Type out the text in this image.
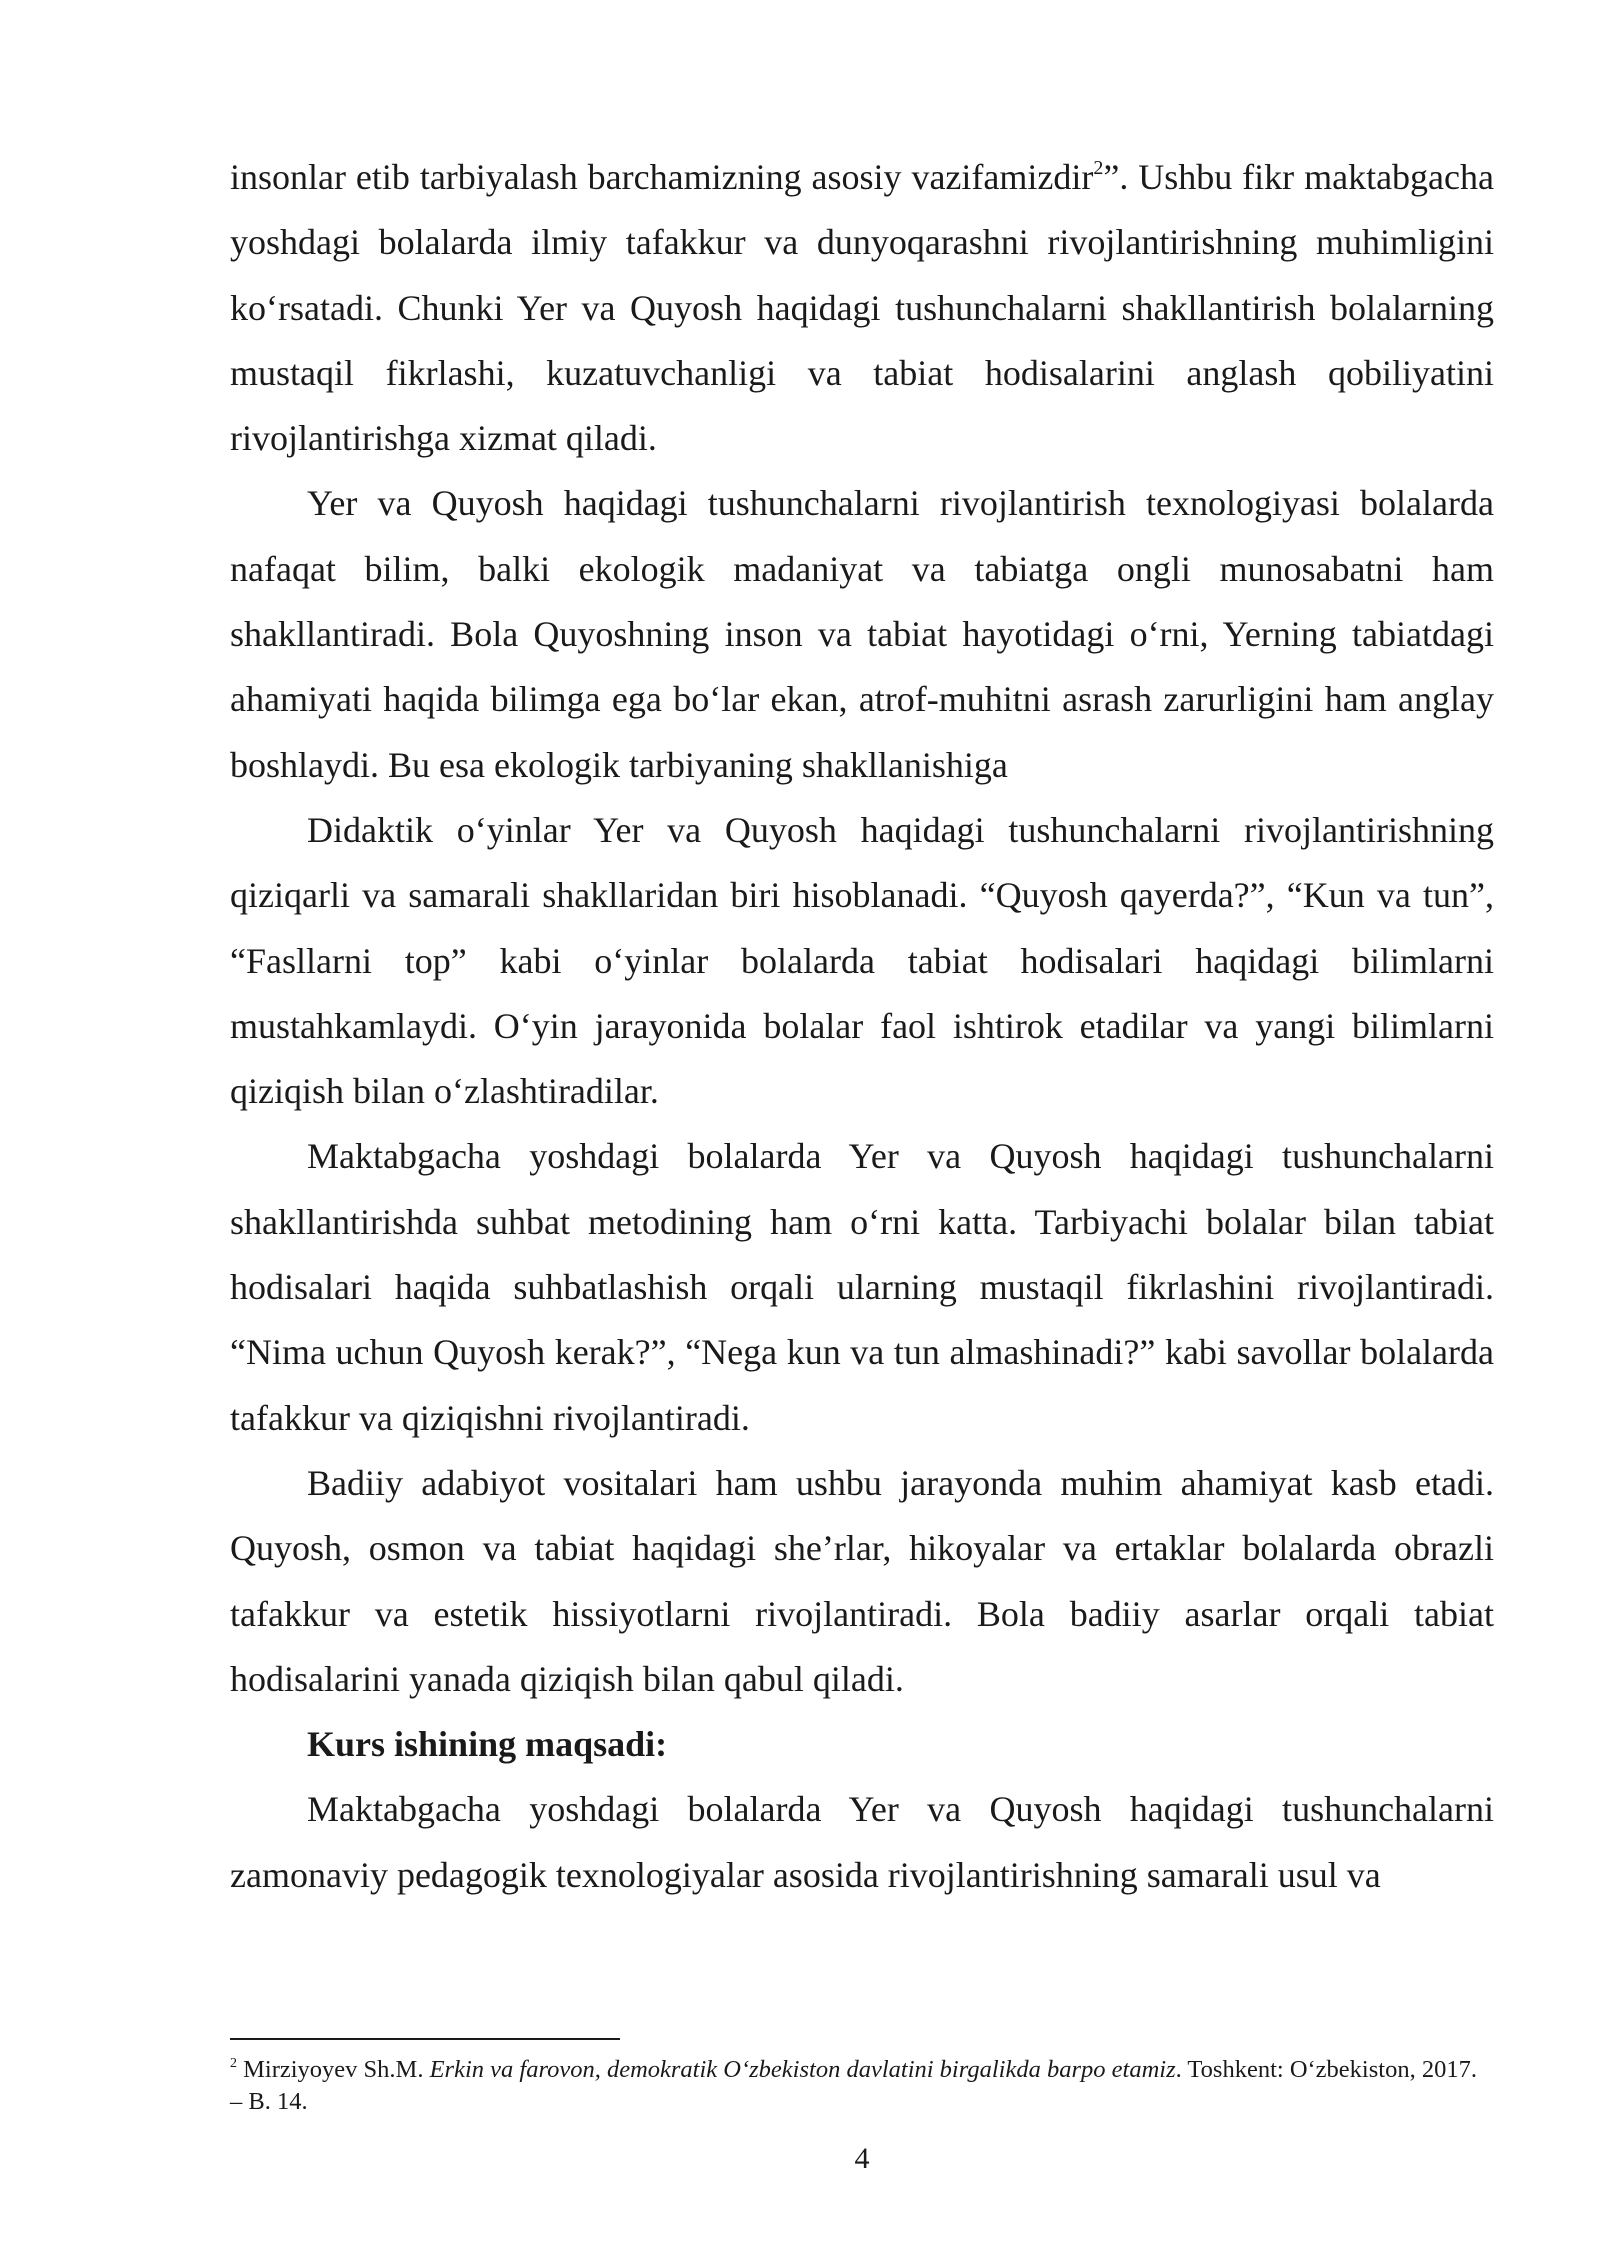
insonlar etib tarbiyalash barchamizning asosiy vazifamizdir$^2$”. Ushbu fikr maktabgacha yoshdagi bolalarda ilmiy tafakkur va dunyoqarashni rivojlantirishning muhimligini ko‘rsatadi. Chunki Yer va Quyosh haqidagi tushunchalarni shakllantirish bolalarning mustaqil fikrlashi, kuzatuvchanligi va tabiat hodisalarini anglash qobiliyatini rivojlantirishga xizmat qiladi.

Yer va Quyosh haqidagi tushunchalarni rivojlantirish texnologiyasi bolalarda nafaqat bilim, balki ekologik madaniyat va tabiatga ongli munosabatni ham shakllantiradi. Bola Quyoshning inson va tabiat hayotidagi o‘rni, Yerning tabiatdagi ahamiyati haqida bilimga ega bo‘lar ekan, atrof-muhitni asrash zarurligini ham anglay boshlaydi. Bu esa ekologik tarbiyaning shakllanishiga

Didaktik o‘yinlar Yer va Quyosh haqidagi tushunchalarni rivojlantirishning qiziqarli va samarali shakllaridan biri hisoblanadi. “Quyosh qayerda?”, “Kun va tun”, “Fasllarni top” kabi o‘yinlar bolalarda tabiat hodisalari haqidagi bilimlarni mustahkamlaydi. O‘yin jarayonida bolalar faol ishtirok etadilar va yangi bilimlarni qiziqish bilan o‘zlashtiradilar.

Maktabgacha yoshdagi bolalarda Yer va Quyosh haqidagi tushunchalarni shakllantirishda suhbat metodining ham o‘rni katta. Tarbiyachi bolalar bilan tabiat hodisalari haqida suhbatlashish orqali ularning mustaqil fikrlashini rivojlantiradi. “Nima uchun Quyosh kerak?”, “Nega kun va tun almashinadi?” kabi savollar bolalarda tafakkur va qiziqishni rivojlantiradi.

Badiiy adabiyot vositalari ham ushbu jarayonda muhim ahamiyat kasb etadi. Quyosh, osmon va tabiat haqidagi she’rlar, hikoyalar va ertaklar bolalarda obrazli tafakkur va estetik hissiyotlarni rivojlantiradi. Bola badiiy asarlar orqali tabiat hodisalarini yanada qiziqish bilan qabul qiladi.

Kurs ishining maqsadi:

Maktabgacha yoshdagi bolalarda Yer va Quyosh haqidagi tushunchalarni zamonaviy pedagogik texnologiyalar asosida rivojlantirishning samarali usul va

$^2$ Mirziyoyev Sh.M. Erkin va farovon, demokratik O‘zbekiston davlatini birgalikda barpo etamiz. Toshkent: O‘zbekiston, 2017. – B. 14.

4
